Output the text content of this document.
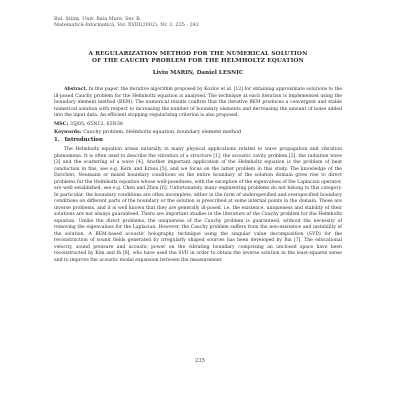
Bul. Ştiinţ. Univ. Baia Mare, Ser. B,
Matematică-Informatică, Vol. XVIII(2002), Nr. 2, 235 - 242
A REGULARIZATION METHOD FOR THE NUMERICAL SOLUTION
OF THE CAUCHY PROBLEM FOR THE HELMHOLTZ EQUATION
Liviu MARIN, Daniel LESNIC
Abstract. In this paper, the iterative algorithm proposed by Kozlov et al. [12] for obtaining approximate solutions to the ill-posed Cauchy problem for the Helmholtz equation is analysed. The technique at each iteration is implemented using the boundary element method (BEM). The numerical results confirm that the iterative BEM produces a convergent and stable numerical solution with respect to increasing the number of boundary elements and decreasing the amount of noise added into the input data. An efficient stopping regularizing criterion is also proposed.
MSC: 35J05, 65N12, 65N38
Keywords: Cauchy problem, Helmholtz equation, boundary element method
1. Introduction
The Helmholtz equation arises naturally in many physical applications related to wave propagation and vibration phenomena. It is often used to describe the vibration of a structure [1], the acoustic cavity problem [2], the radiation wave [3] and the scattering of a wave [4]. Another important application of the Helmholtz equation is the problem of heat conduction in fins, see e.g. Kern and Kraus [5], and we focus on the latter problem in this study. The knowledge of the Dirichlet, Neumann or mixed boundary conditions on the entire boundary of the solution domain gives rise to direct problems for the Helmholtz equation whose well-posedness, with the exception of the eigenvalues of the Laplacian operator, are well established, see e.g. Chen and Zhou [6]. Unfortunately, many engineering problems do not belong to this category. In particular, the boundary conditions are often incomplete, either in the form of underspecified and overspecified boundary conditions on different parts of the boundary or the solution is prescribed at some internal points in the domain. These are inverse problems, and it is well known that they are generally ill-posed, i.e. the existence, uniqueness and stability of their solutions are not always guaranteed. There are important studies in the literature of the Cauchy problem for the Helmholtz equation. Unlike the direct problems, the uniqueness of the Cauchy problem is guaranteed, without the necessity of removing the eigenvalues for the Laplacian. However, the Cauchy problem suffers from the non-existence and instability of the solution. A BEM-based acoustic holography technique using the singular value decomposition (SVD) for the reconstruction of sound fields generated by irregularly shaped sources has been developed by Bai [7]. The educational velocity, sound pressure and acoustic power on the vibrating boundary comprising an unclosed space have been reconstructed by Kim and Ih [8], who have used the SVD in order to obtain the inverse solution in the least-squares sense and to improve the acoustic modal expansion between the measurement
235
